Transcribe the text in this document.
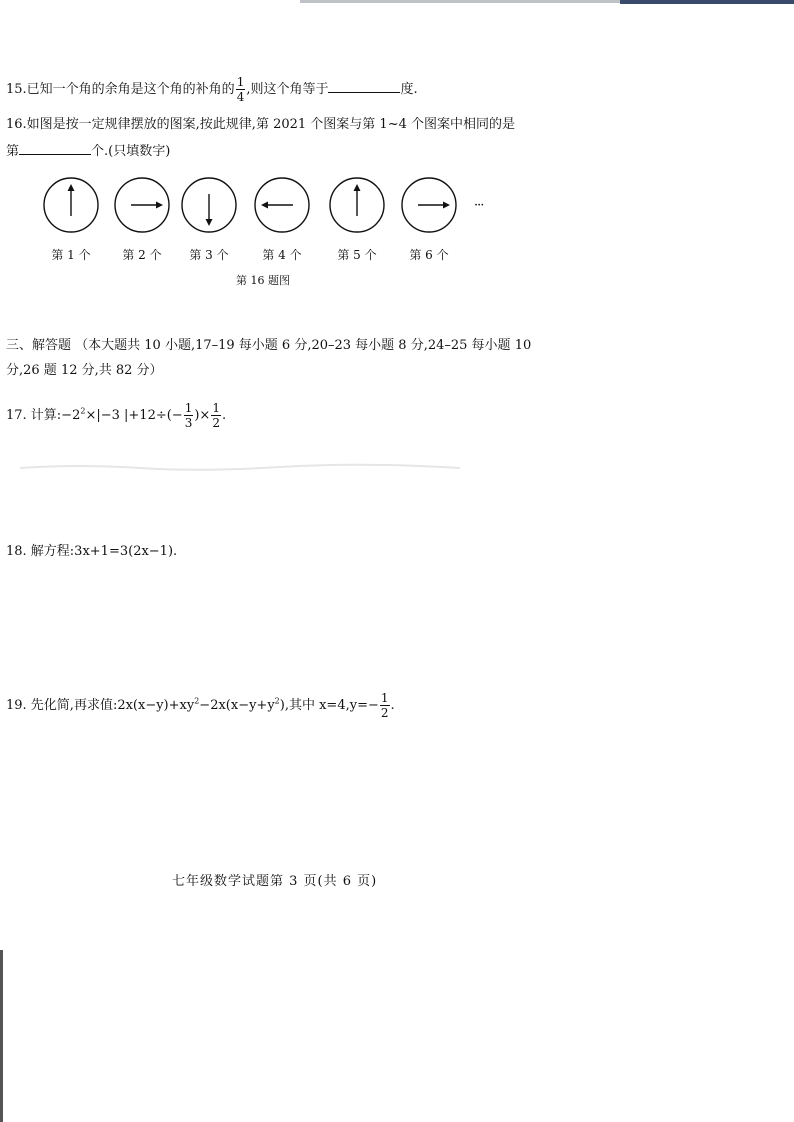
15.已知一个角的余角是这个角的补角的 $\frac{1}{4}$ ,则这个角等于	度.
16.如图是按一定规律摆放的图案,按此规律,第 2021 个图案与第 1~4 个图案中相同的是
第	个.(只填数字)
第 1 个	第 2 个	第 3 个	第 4 个	第 5 个	第 6 个
···
第 16 题图
三、解答题 （本大题共 10 小题,17–19 每小题 6 分,20–23 每小题 8 分,24–25 每小题 10
分,26 题 12 分,共 82 分）
17. 计算$:-2^2\times|-3$ $|+12\div(- \frac{1}{3}$ )× $\frac{1}{2}$ .
18. 解方程:3x+1=3(2x−1).
19. 先化简,再求值$:2x(x-y)+xy^2-2x(x-y+y^2)$,其中 $x=4,y=- \frac{1}{2}$ .
七年级数学试题第 3 页(共 6 页)
